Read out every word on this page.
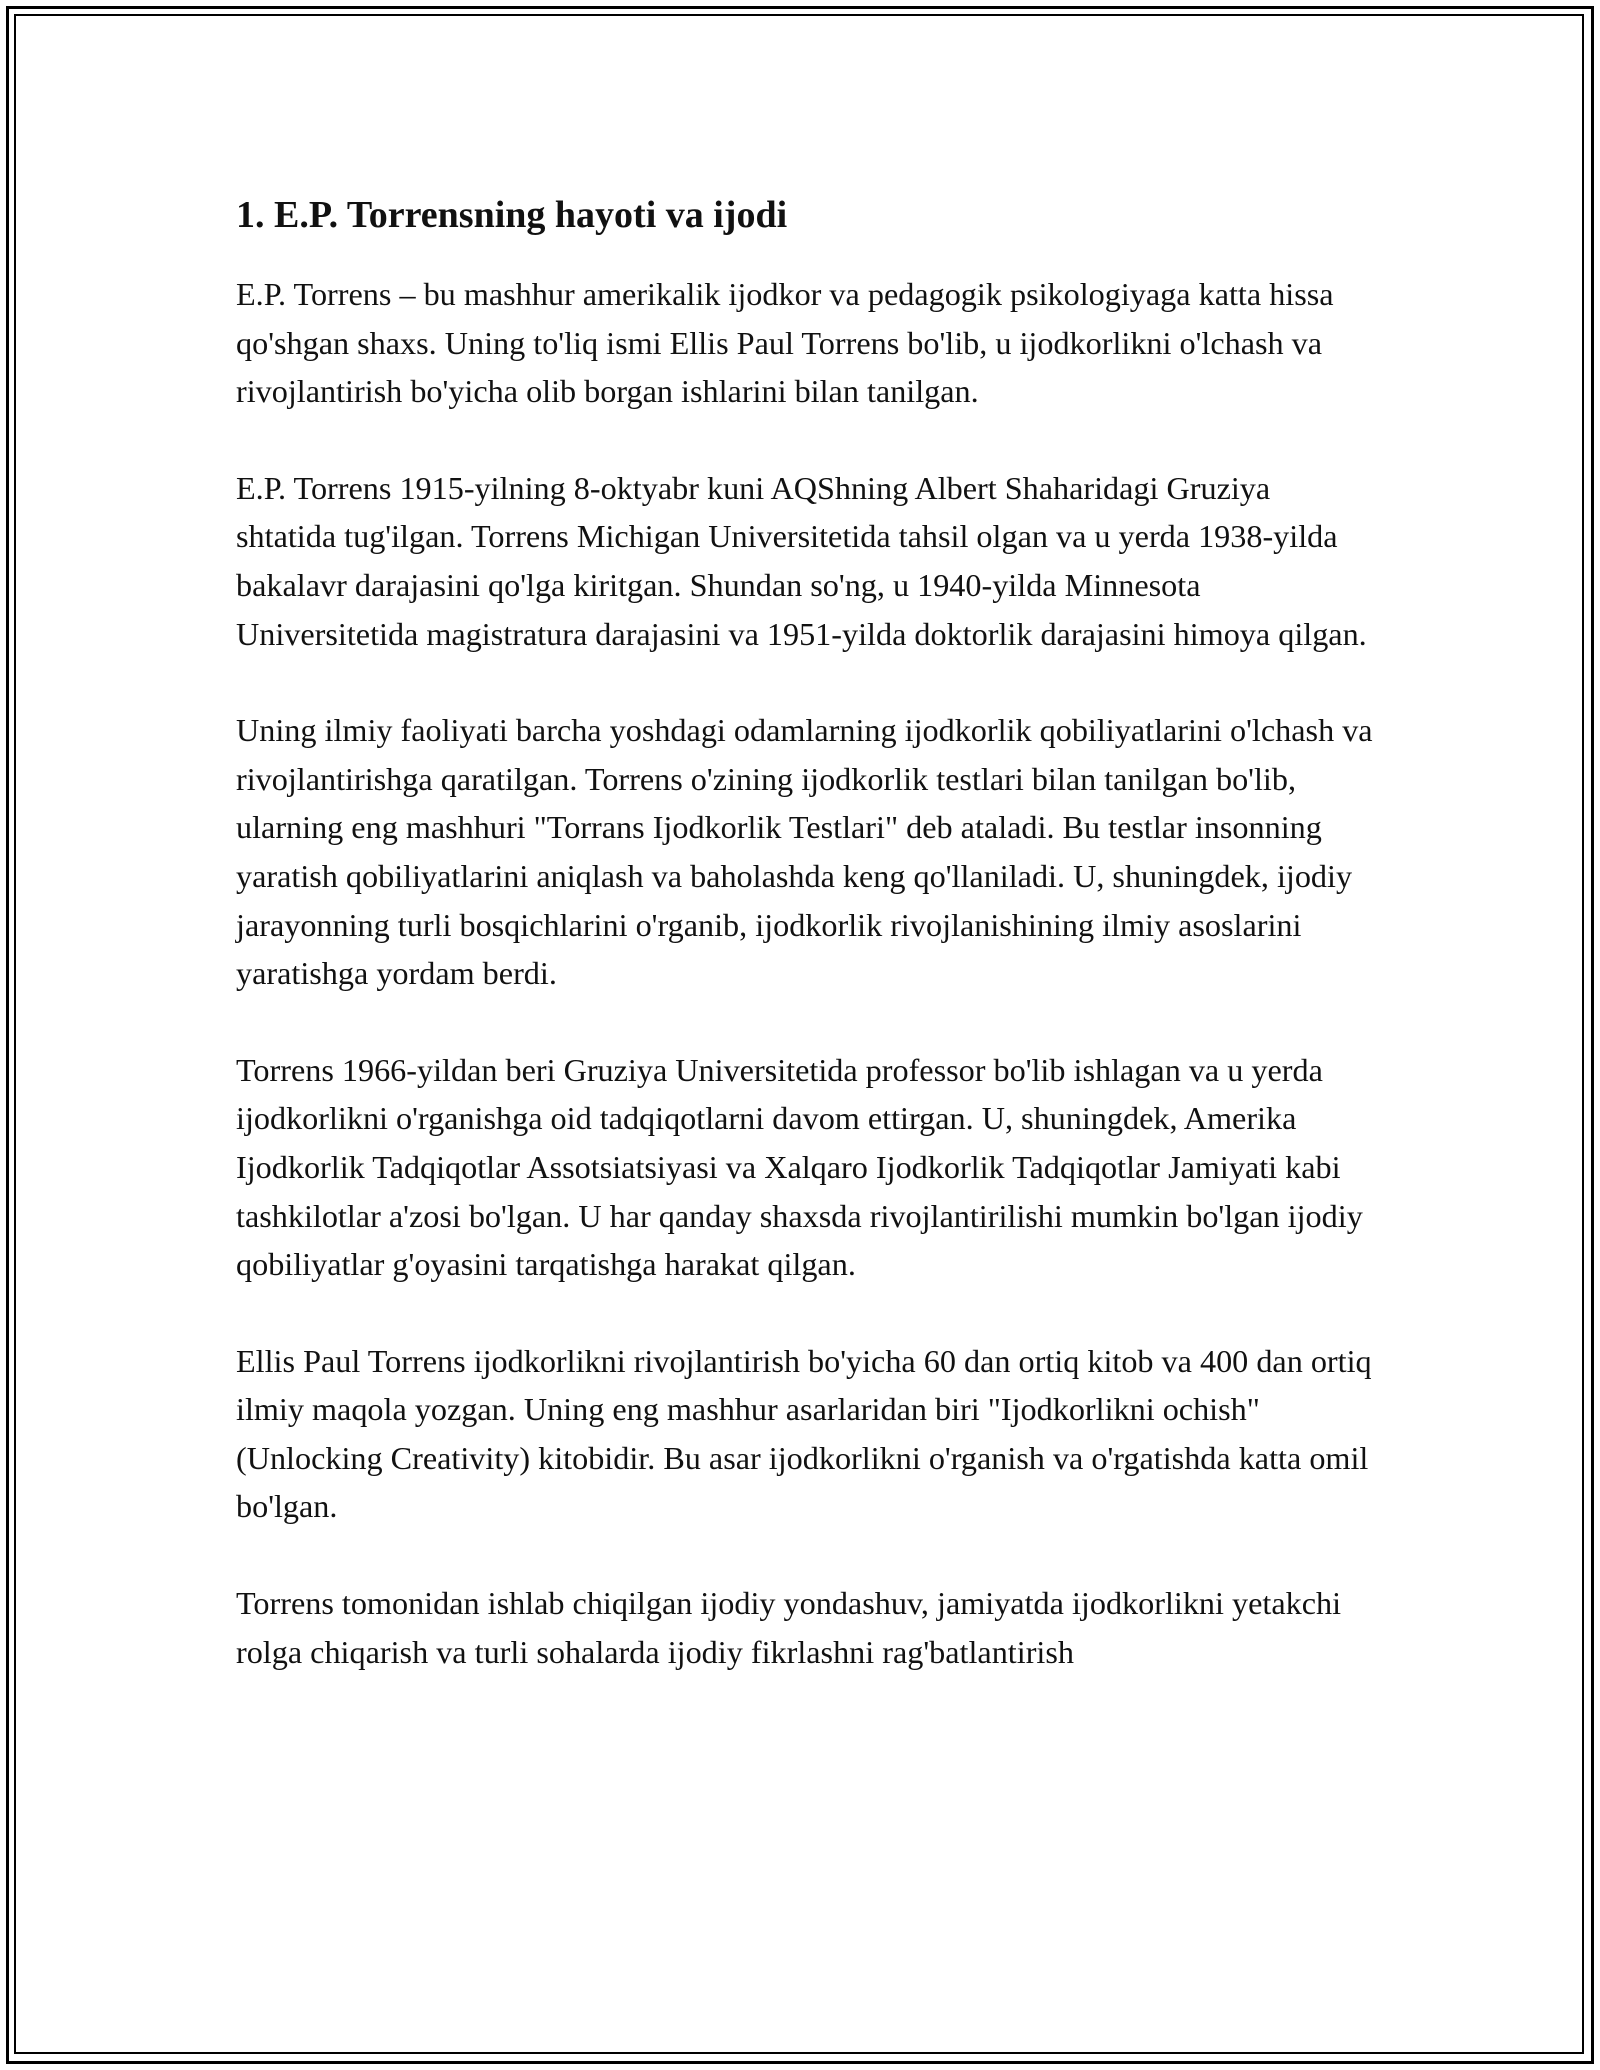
1. E.P. Torrensning hayoti va ijodi

E.P. Torrens – bu mashhur amerikalik ijodkor va pedagogik psikologiyaga katta hissa qo'shgan shaxs. Uning to'liq ismi Ellis Paul Torrens bo'lib, u ijodkorlikni o'lchash va rivojlantirish bo'yicha olib borgan ishlarini bilan tanilgan.

E.P. Torrens 1915-yilning 8-oktyabr kuni AQShning Albert Shaharidagi Gruziya shtatida tug'ilgan. Torrens Michigan Universitetida tahsil olgan va u yerda 1938-yilda bakalavr darajasini qo'lga kiritgan. Shundan so'ng, u 1940-yilda Minnesota Universitetida magistratura darajasini va 1951-yilda doktorlik darajasini himoya qilgan.

Uning ilmiy faoliyati barcha yoshdagi odamlarning ijodkorlik qobiliyatlarini o'lchash va rivojlantirishga qaratilgan. Torrens o'zining ijodkorlik testlari bilan tanilgan bo'lib, ularning eng mashhuri "Torrans Ijodkorlik Testlari" deb ataladi. Bu testlar insonning yaratish qobiliyatlarini aniqlash va baholashda keng qo'llaniladi. U, shuningdek, ijodiy jarayonning turli bosqichlarini o'rganib, ijodkorlik rivojlanishining ilmiy asoslarini yaratishga yordam berdi.

Torrens 1966-yildan beri Gruziya Universitetida professor bo'lib ishlagan va u yerda ijodkorlikni o'rganishga oid tadqiqotlarni davom ettirgan. U, shuningdek, Amerika Ijodkorlik Tadqiqotlar Assotsiatsiyasi va Xalqaro Ijodkorlik Tadqiqotlar Jamiyati kabi tashkilotlar a'zosi bo'lgan. U har qanday shaxsda rivojlantirilishi mumkin bo'lgan ijodiy qobiliyatlar g'oyasini tarqatishga harakat qilgan.

Ellis Paul Torrens ijodkorlikni rivojlantirish bo'yicha 60 dan ortiq kitob va 400 dan ortiq ilmiy maqola yozgan. Uning eng mashhur asarlaridan biri "Ijodkorlikni ochish" (Unlocking Creativity) kitobidir. Bu asar ijodkorlikni o'rganish va o'rgatishda katta omil bo'lgan.

Torrens tomonidan ishlab chiqilgan ijodiy yondashuv, jamiyatda ijodkorlikni yetakchi rolga chiqarish va turli sohalarda ijodiy fikrlashni rag'batlantirish
